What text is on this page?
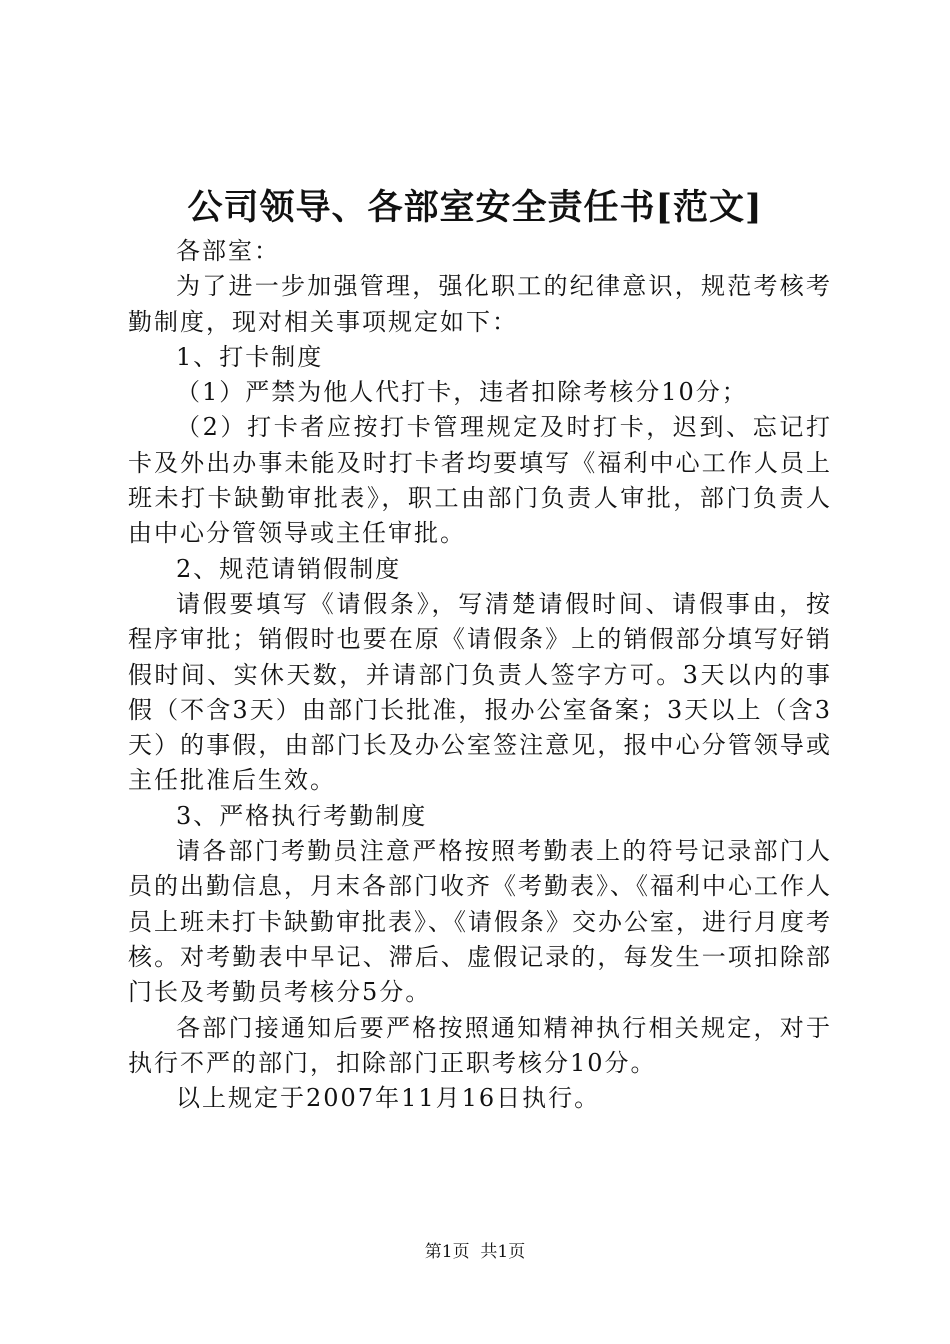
公司领导、各部室安全责任书[范文]

各部室：

为了进一步加强管理，强化职工的纪律意识，规范考核考勤制度，现对相关事项规定如下：

1、打卡制度

（1）严禁为他人代打卡，违者扣除考核分10分；

（2）打卡者应按打卡管理规定及时打卡，迟到、忘记打卡及外出办事未能及时打卡者均要填写《福利中心工作人员上班未打卡缺勤审批表》，职工由部门负责人审批，部门负责人由中心分管领导或主任审批。

2、规范请销假制度

请假要填写《请假条》，写清楚请假时间、请假事由，按程序审批；销假时也要在原《请假条》上的销假部分填写好销假时间、实休天数，并请部门负责人签字方可。3天以内的事假（不含3天）由部门长批准，报办公室备案；3天以上（含3天）的事假，由部门长及办公室签注意见，报中心分管领导或主任批准后生效。

3、严格执行考勤制度

请各部门考勤员注意严格按照考勤表上的符号记录部门人员的出勤信息，月末各部门收齐《考勤表》、《福利中心工作人员上班未打卡缺勤审批表》、《请假条》交办公室，进行月度考核。对考勤表中早记、滞后、虚假记录的，每发生一项扣除部门长及考勤员考核分5分。

各部门接通知后要严格按照通知精神执行相关规定，对于执行不严的部门，扣除部门正职考核分10分。

以上规定于2007年11月16日执行。

第1页  共1页
